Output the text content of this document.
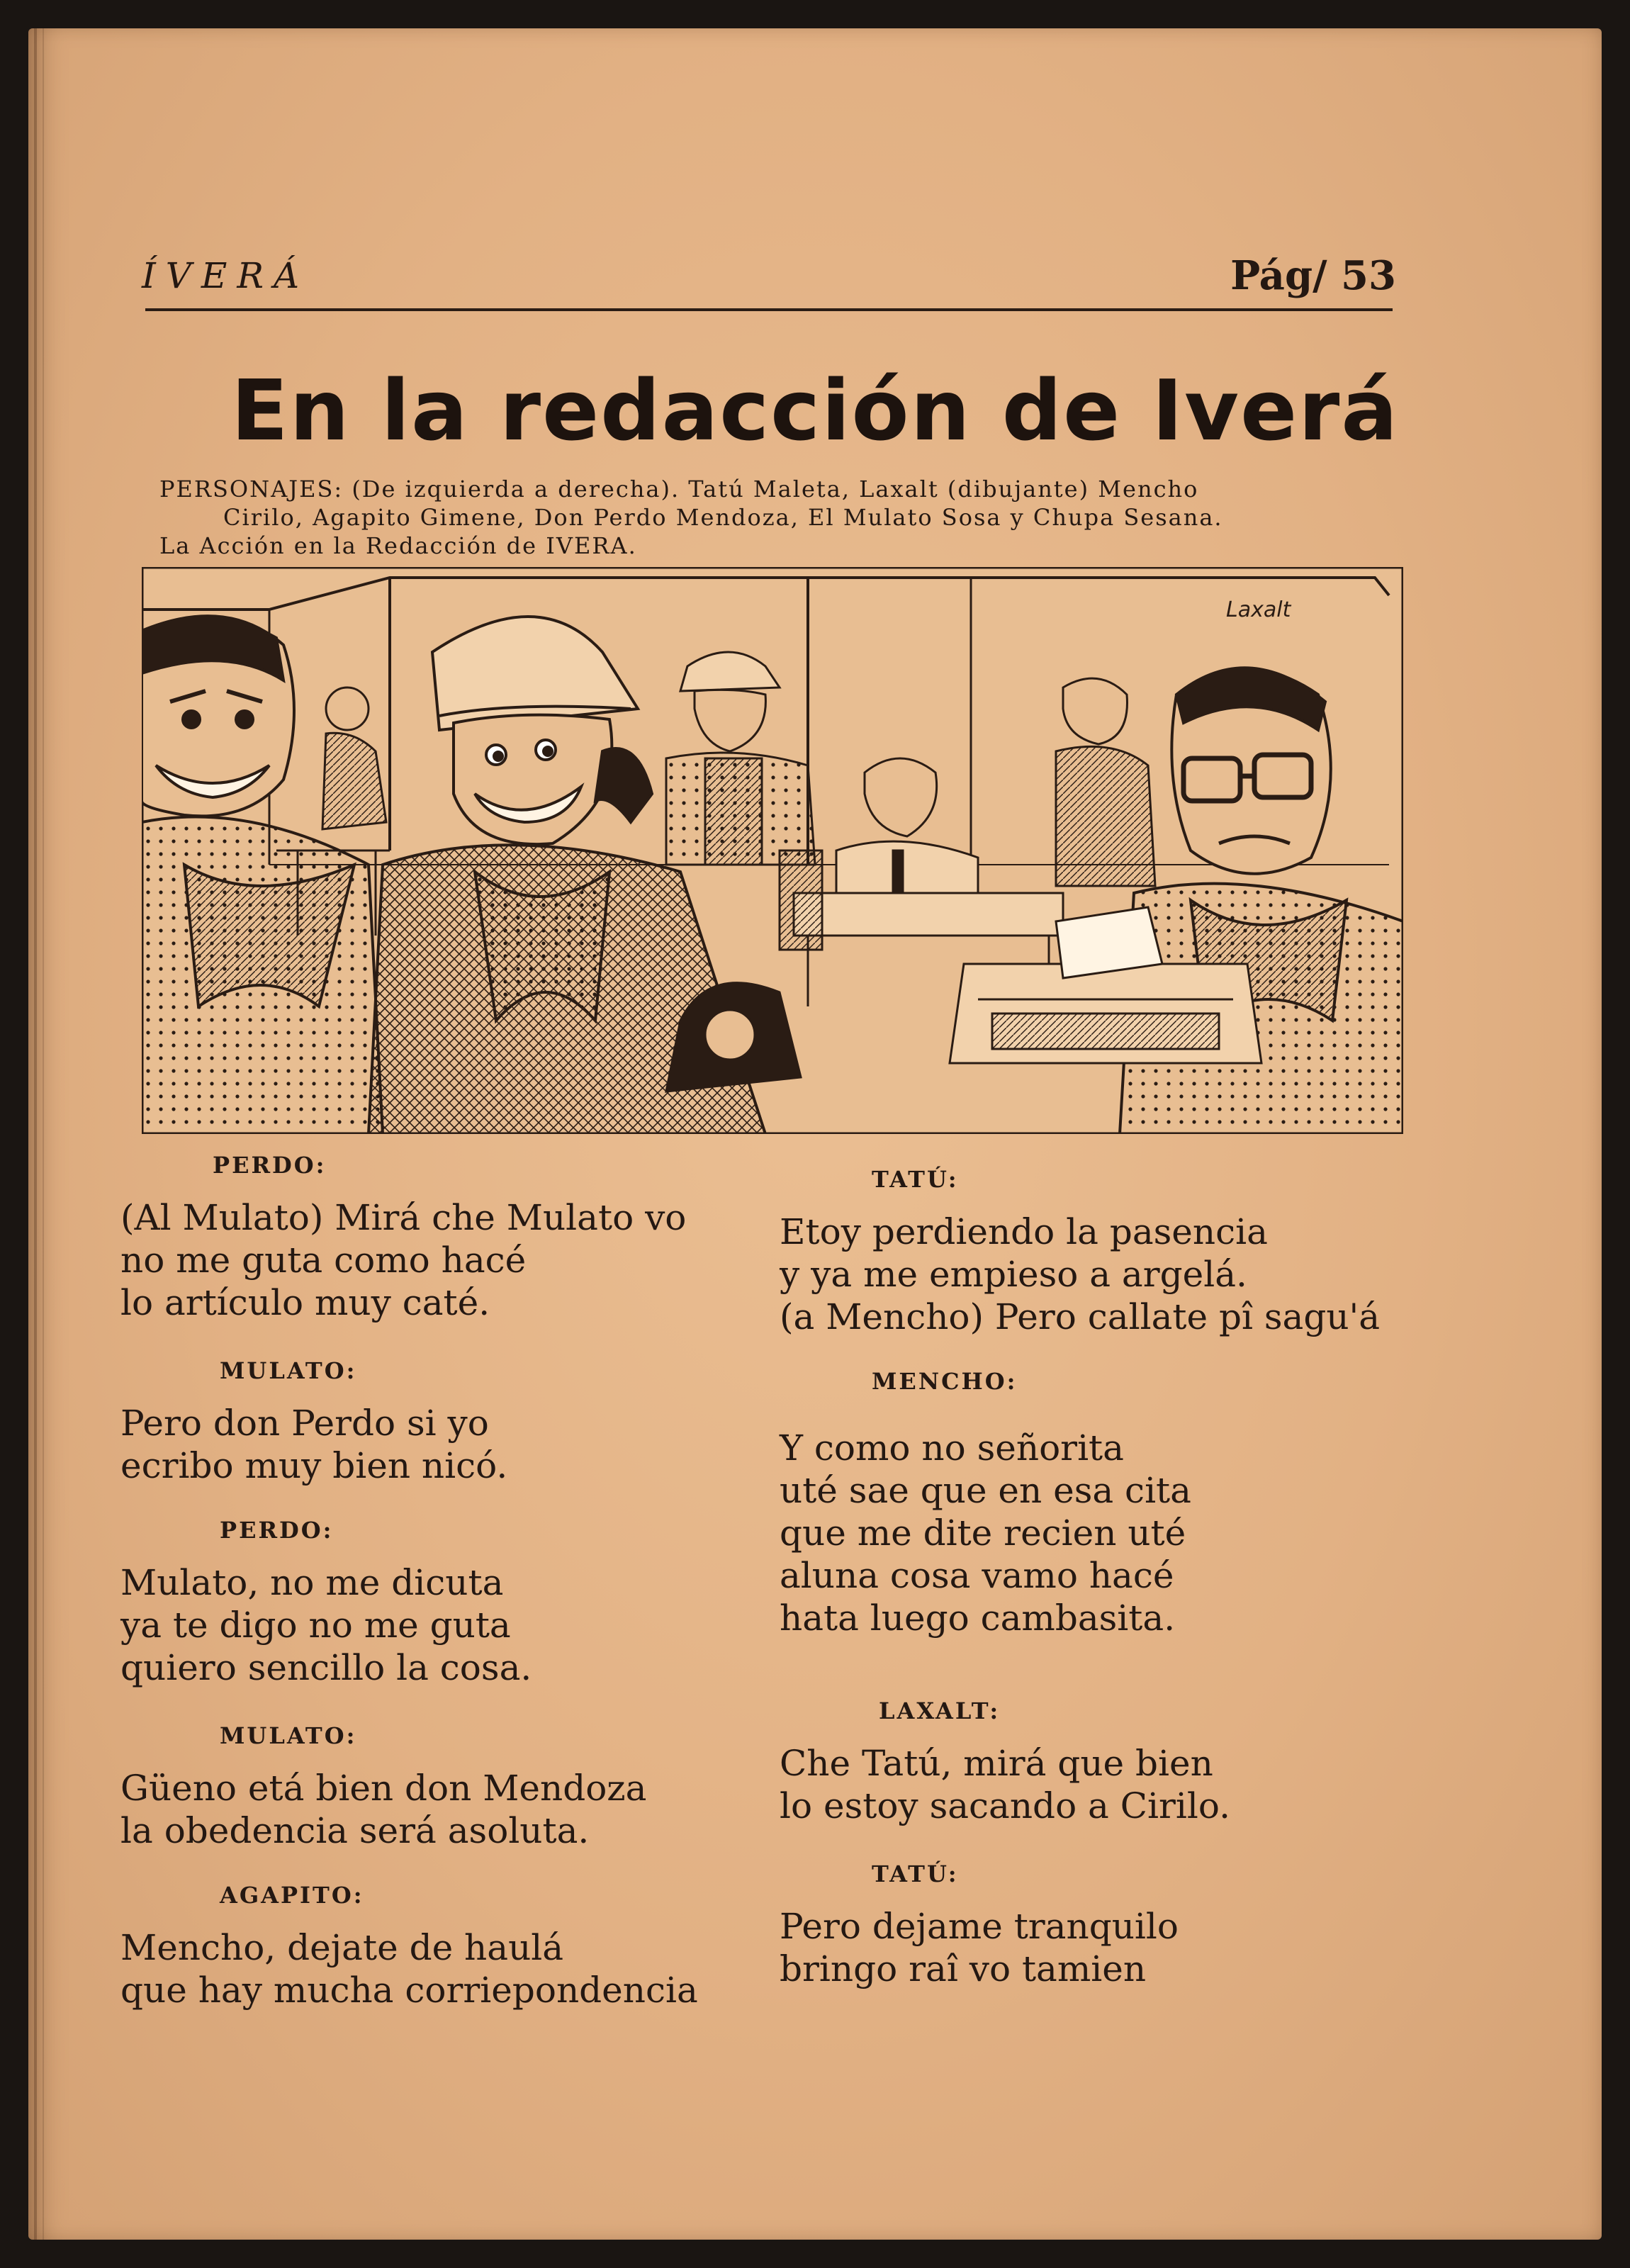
ÍVERÁ	Pág/ 53
En la redacción de Iverá

PERSONAJES: (De izquierda a derecha). Tatú Maleta, Laxalt (dibujante) Mencho

Cirilo, Agapito Gimene, Don Perdo Mendoza, El Mulato Sosa y Chupa Sesana.

La Acción en la Redacción de IVERA.

Laxalt
PERDO:
(Al Mulato) Mirá che Mulato vo
no me guta como hacé
lo artículo muy caté.
MULATO:
Pero don Perdo si yo
ecribo muy bien nicó.
PERDO:
Mulato, no me dicuta
ya te digo no me guta
quiero sencillo la cosa.
MULATO:
Güeno etá bien don Mendoza
la obedencia será asoluta.
AGAPITO:
Mencho, dejate de haulá
que hay mucha corriepondencia
TATÚ:
Etoy perdiendo la pasencia
y ya me empieso a argelá.
(a Mencho) Pero callate pî sagu'á
MENCHO:
Y como no señorita
uté sae que en esa cita
que me dite recien uté
aluna cosa vamo hacé
hata luego cambasita.
LAXALT:
Che Tatú, mirá que bien
lo estoy sacando a Cirilo.
TATÚ:
Pero dejame tranquilo
bringo raî vo tamien
